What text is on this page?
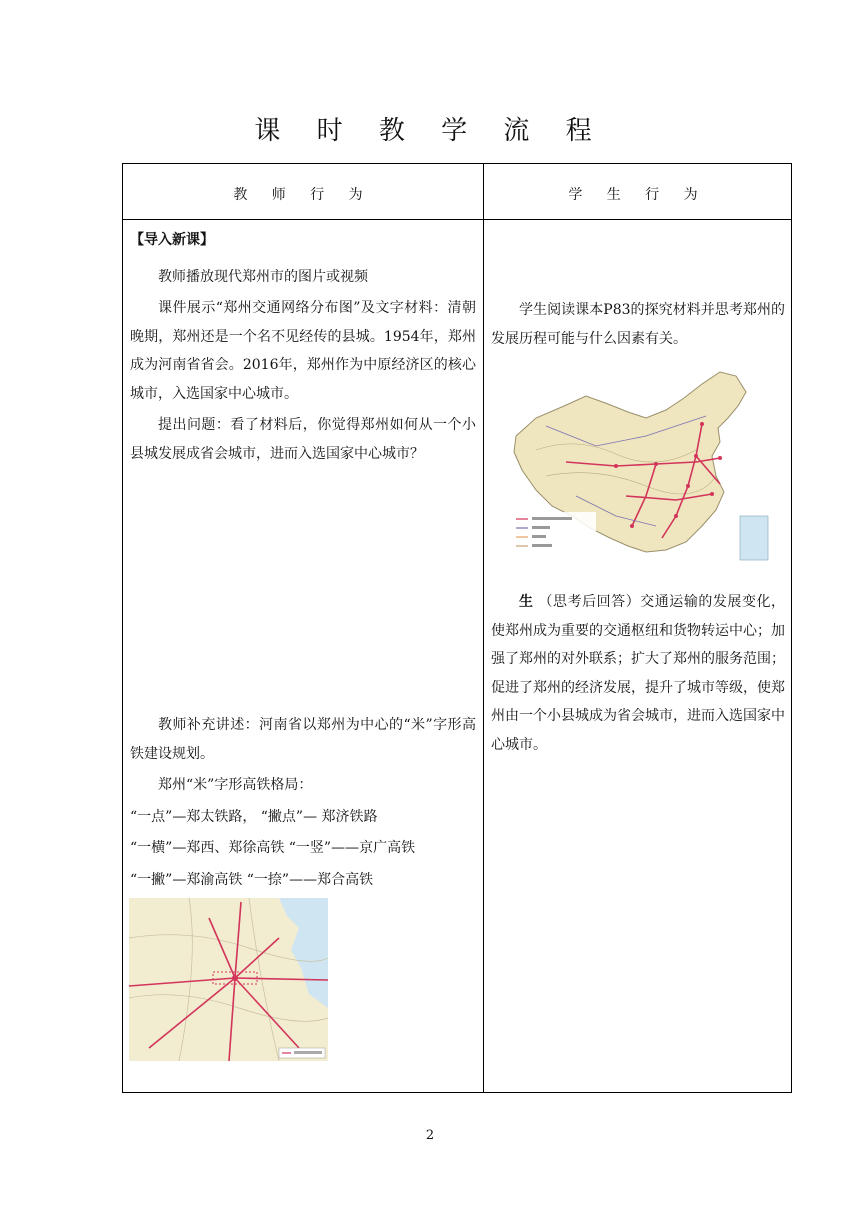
课 时 教 学 流 程
教 师 行 为	学 生 行 为

【导入新课】

教师播放现代郑州市的图片或视频

课件展示“郑州交通网络分布图”及文字材料：清朝晚期，郑州还是一个名不见经传的县城。1954年，郑州成为河南省省会。2016年，郑州作为中原经济区的核心城市，入选国家中心城市。

提出问题：看了材料后，你觉得郑州如何从一个小县城发展成省会城市，进而入选国家中心城市？

教师补充讲述：河南省以郑州为中心的“米”字形高铁建设规划。

郑州“米”字形高铁格局：

“一点”—郑太铁路， “撇点”— 郑济铁路

“一横”—郑西、郑徐高铁 “一竖”——京广高铁

“一撇”—郑渝高铁 “一捺”——郑合高铁

学生阅读课本P83的探究材料并思考郑州的发展历程可能与什么因素有关。

生 （思考后回答）交通运输的发展变化，使郑州成为重要的交通枢纽和货物转运中心；加强了郑州的对外联系；扩大了郑州的服务范围；促进了郑州的经济发展，提升了城市等级，使郑州由一个小县城成为省会城市，进而入选国家中心城市。

2
